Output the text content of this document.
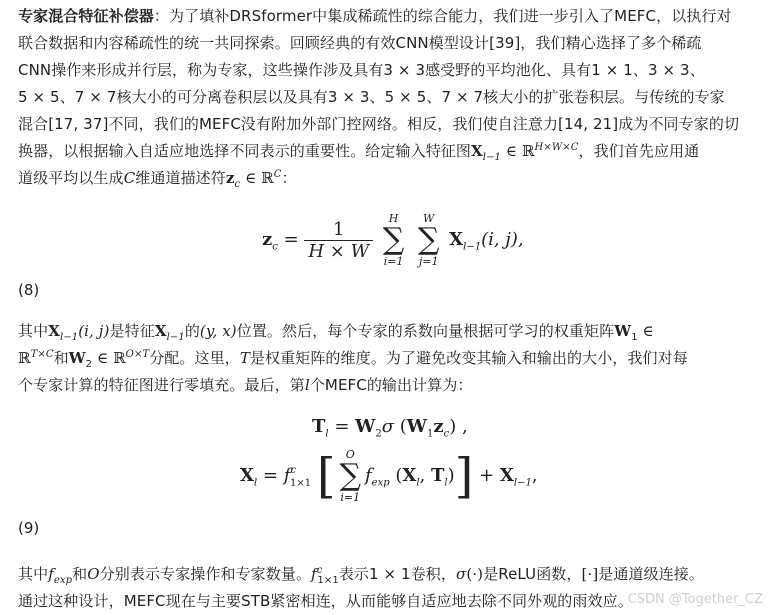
专家混合特征补偿器：为了填补DRSformer中集成稀疏性的综合能力，我们进一步引入了MEFC，以执行对
联合数据和内容稀疏性的统一共同探索。回顾经典的有效CNN模型设计[39]，我们精心选择了多个稀疏
CNN操作来形成并行层，称为专家，这些操作涉及具有3 × 3感受野的平均池化、具有1 × 1、3 × 3、
5 × 5、7 × 7核大小的可分离卷积层以及具有3 × 3、5 × 5、7 × 7核大小的扩张卷积层。与传统的专家
混合[17, 37]不同，我们的MEFC没有附加外部门控网络。相反，我们使自注意力[14, 21]成为不同专家的切
换器，以根据输入自适应地选择不同表示的重要性。给定输入特征图$X_{l-1}$ ∈ ℝ$^{H\times W\times C}$，我们首先应用通
道级平均以生成C维通道描述符$z_c$ ∈ ℝ$^C$：
$z_c = \frac{1}{H \times W}$
	H
∑
i=1

W
∑
j=1
$X_{l-1}(i$, j),
(8)
其中$X_{l-1}(i$, j)是特征$X_{l-1}$的(y, x)位置。然后，每个专家的系数向量根据可学习的权重矩阵$W_1$ ∈
ℝ$^{T\times C}$和$W_2$ ∈ ℝ$^{O\times T}$分配。这里，T是权重矩阵的维度。为了避免改变其输入和输出的大小，我们对每
个专家计算的特征图进行零填充。最后，第l个MEFC的输出计算为：
$T_l = W_2\sigma$ $(W_1z_c)$ ,
$X_l = f^c_{1\times 1}$ [ O
∑
i=1
$f_{exp}$ ($X_l$, $T_l)] + X_{l-1}$,
(9)
其中$f_{exp}$和O分别表示专家操作和专家数量。$f^c_{1\times 1}$表示1 × 1卷积，σ(·)是ReLU函数，[·]是通道级连接。
通过这种设计，MEFC现在与主要STB紧密相连，从而能够自适应地去除不同外观的雨效应。
CSDN @Together_CZ
